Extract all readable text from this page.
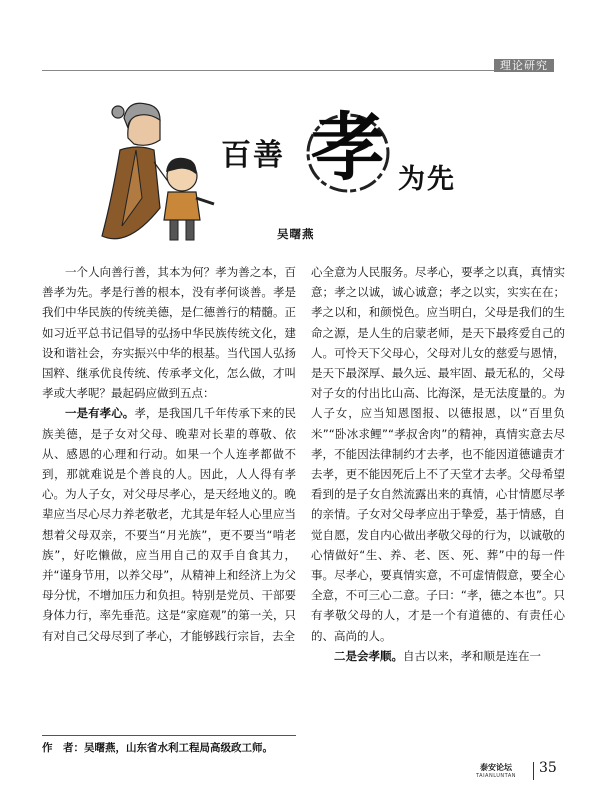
理论研究
百善 孝 为先
吴曙燕

一个人向善行善，其本为何？孝为善之本，百善孝为先。孝是行善的根本，没有孝何谈善。孝是我们中华民族的传统美德，是仁德善行的精髓。正如习近平总书记倡导的弘扬中华民族传统文化，建设和谐社会，夯实振兴中华的根基。当代国人弘扬国粹、继承优良传统、传承孝文化，怎么做，才叫孝或大孝呢？最起码应做到五点：

一是有孝心。孝，是我国几千年传承下来的民族美德，是子女对父母、晚辈对长辈的尊敬、依从、感恩的心理和行动。如果一个人连孝都做不到，那就难说是个善良的人。因此，人人得有孝心。为人子女，对父母尽孝心，是天经地义的。晚辈应当尽心尽力养老敬老，尤其是年轻人心里应当想着父母双亲，不要当“月光族”，更不要当“啃老族”，好吃懒做，应当用自己的双手自食其力，并“谨身节用，以养父母”，从精神上和经济上为父母分忧，不增加压力和负担。特别是党员、干部要身体力行，率先垂范。这是“家庭观”的第一关，只有对自己父母尽到了孝心，才能够践行宗旨，去全

心全意为人民服务。尽孝心，要孝之以真，真情实意；孝之以诚，诚心诚意；孝之以实，实实在在；孝之以和，和颜悦色。应当明白，父母是我们的生命之源，是人生的启蒙老师，是天下最疼爱自己的人。可怜天下父母心，父母对儿女的慈爱与恩情，是天下最深厚、最久远、最牢固、最无私的，父母对子女的付出比山高、比海深，是无法度量的。为人子女，应当知恩图报、以德报恩，以“百里负米”“卧冰求鲤”“孝叔舍肉”的精神，真情实意去尽孝，不能因法律制约才去孝，也不能因道德谴责才去孝，更不能因死后上不了天堂才去孝。父母希望看到的是子女自然流露出来的真情，心甘情愿尽孝的亲情。子女对父母孝应出于挚爱，基于情感，自觉自愿，发自内心做出孝敬父母的行为，以诚敬的心情做好“生、养、老、医、死、葬”中的每一件事。尽孝心，要真情实意，不可虚情假意，要全心全意，不可三心二意。子曰：“孝，德之本也”。只有孝敬父母的人，才是一个有道德的、有责任心的、高尚的人。

二是会孝顺。自古以来，孝和顺是连在一

作　者：吴曙燕，山东省水利工程局高级政工师。
泰安论坛
TAIANLUNTAN 35
